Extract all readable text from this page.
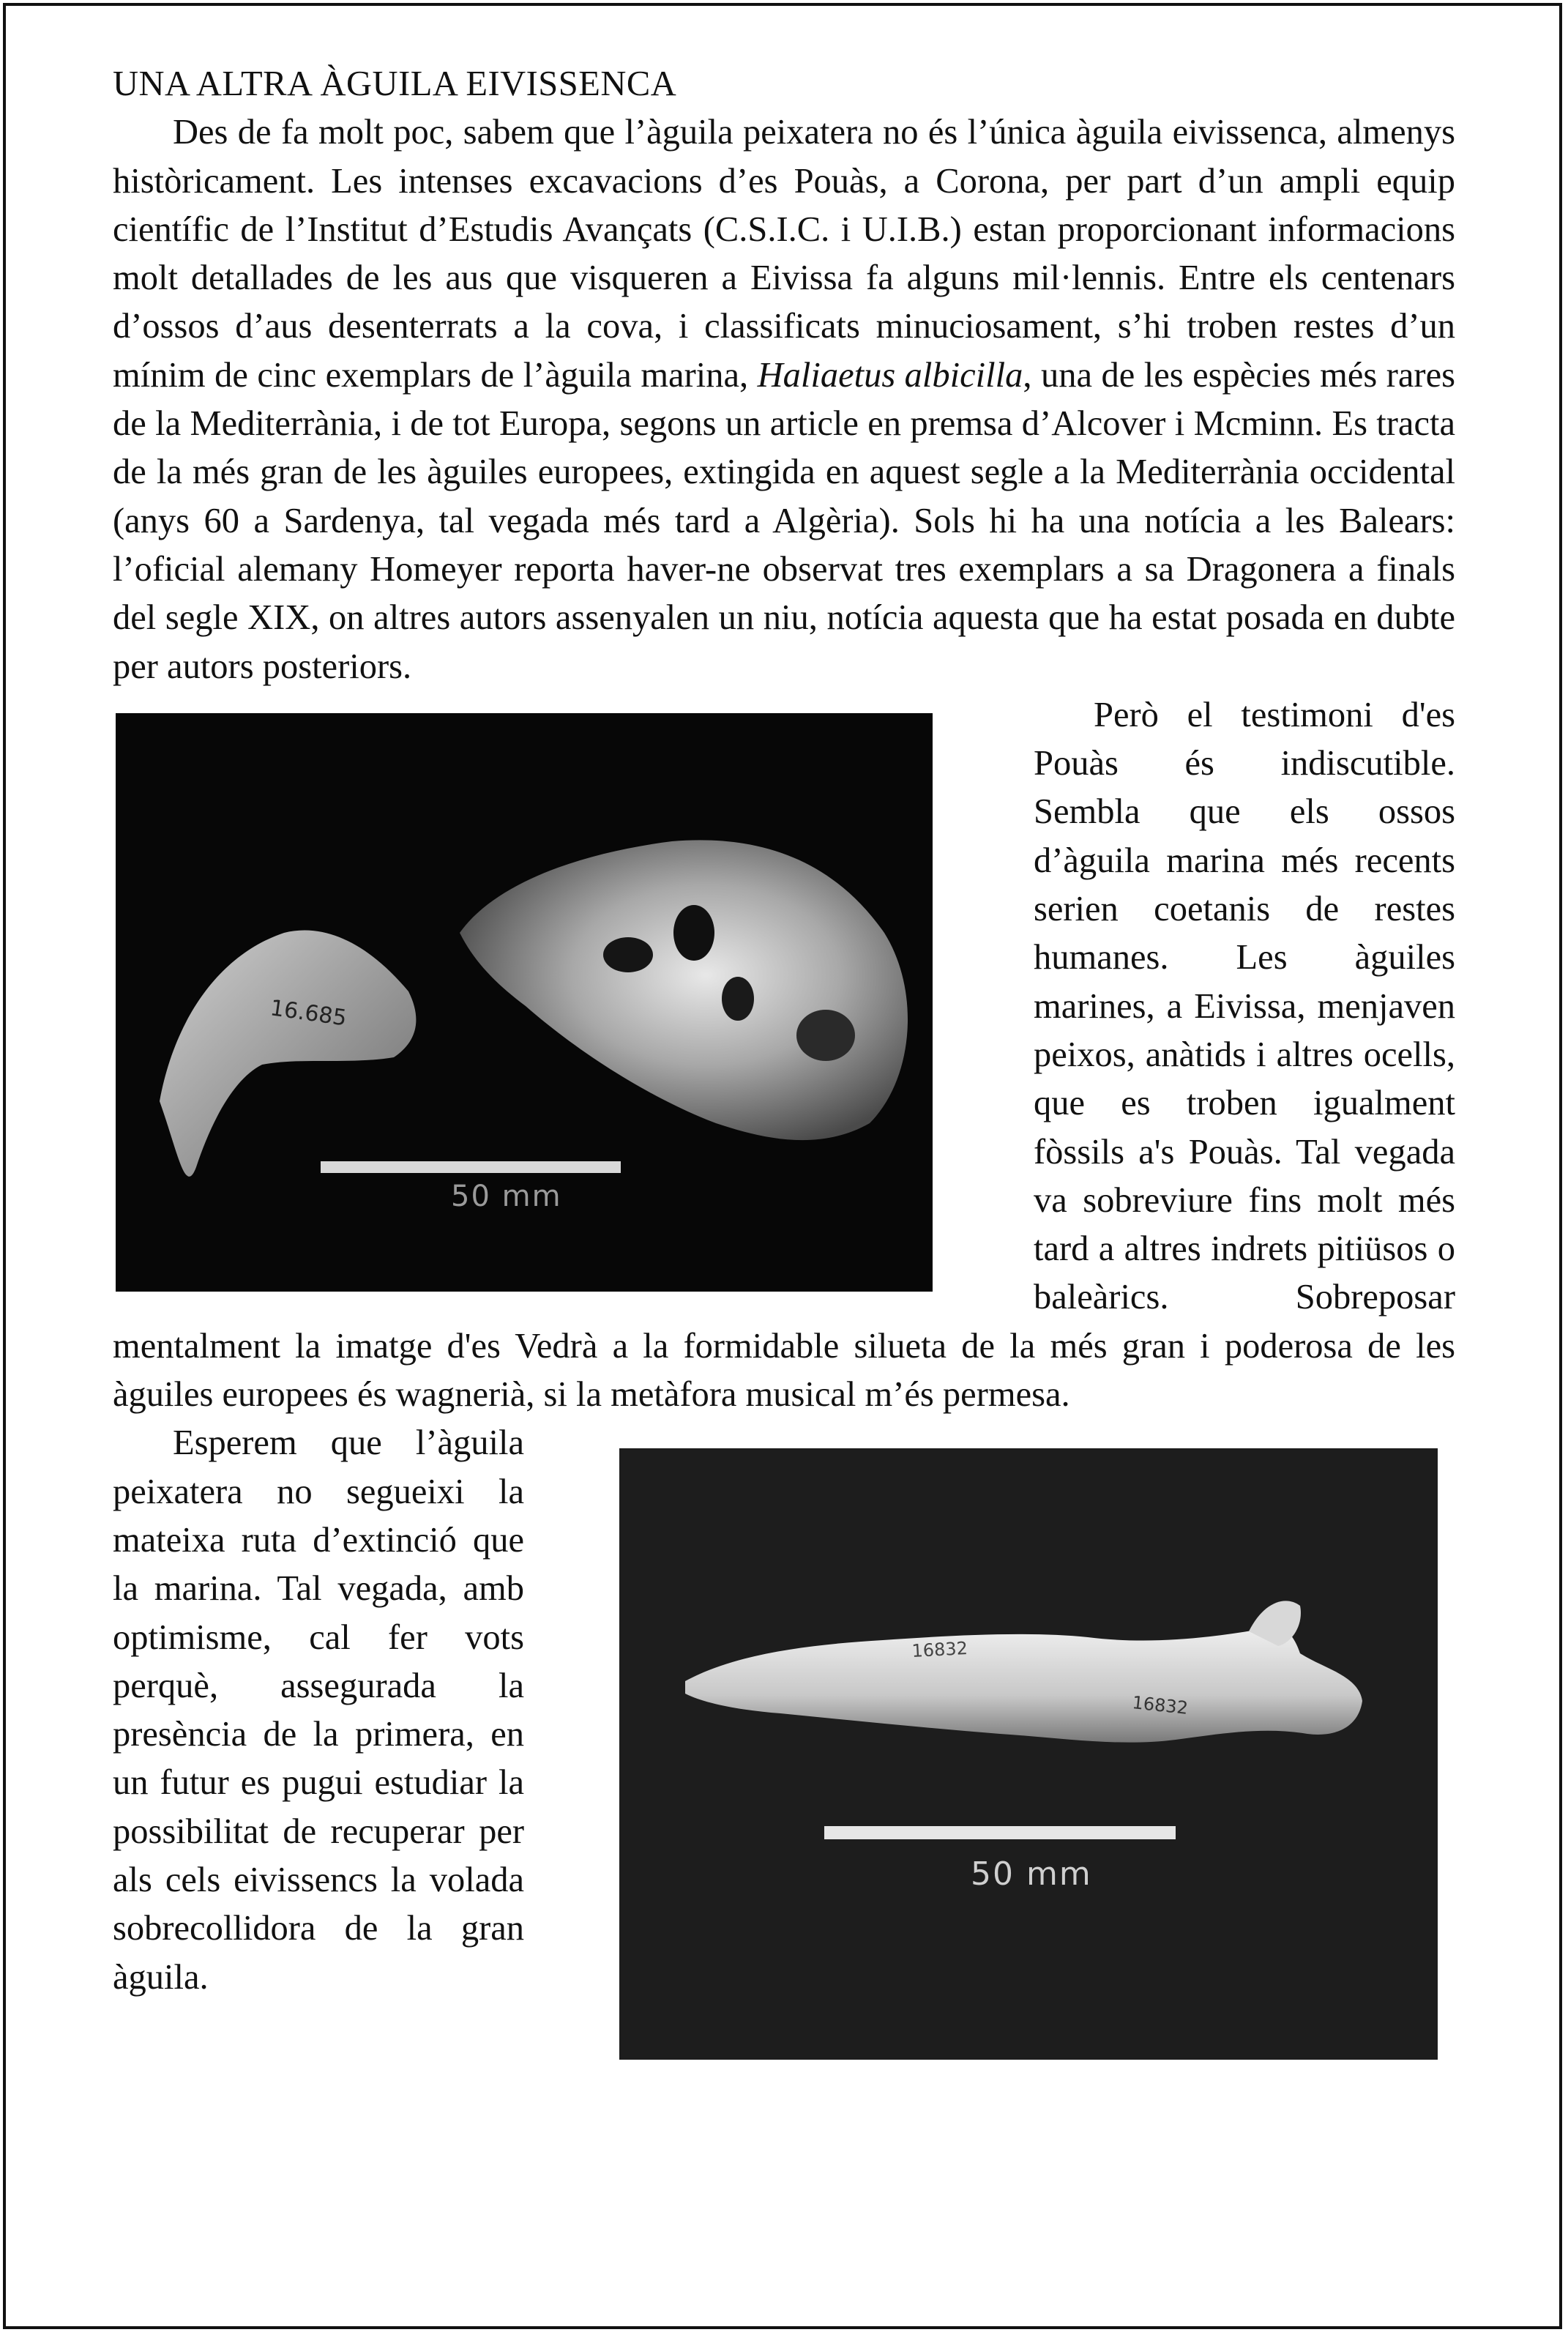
UNA ALTRA ÀGUILA EIVISSENCA

Des de fa molt poc, sabem que l’àguila peixatera no és l’única àguila eivissenca, almenys històricament. Les intenses excavacions d’es Pouàs, a Corona, per part d’un ampli equip científic de l’Institut d’Estudis Avançats (C.S.I.C. i U.I.B.) estan proporcionant informacions molt detallades de les aus que visqueren a Eivissa fa alguns mil·lennis. Entre els centenars d’ossos d’aus desenterrats a la cova, i classificats minuciosament, s’hi troben restes d’un mínim de cinc exemplars de l’àguila marina, Haliaetus albicilla, una de les espècies més rares de la Mediterrània, i de tot Europa, segons un article en premsa d’Alcover i Mcminn. Es tracta de la més gran de les àguiles europees, extingida en aquest segle a la Mediterrània occidental (anys 60 a Sardenya, tal vegada més tard a Algèria). Sols hi ha una notícia a les Balears: l’oficial alemany Homeyer reporta haver-ne observat tres exemplars a sa Dragonera a finals del segle XIX, on altres autors assenyalen un niu, notícia aquesta que ha estat posada en dubte per autors posteriors.

16.685
50 mm

Però el testimoni d'es Pouàs és indiscutible. Sembla que els ossos d’àguila marina més recents serien coetanis de restes humanes. Les àguiles marines, a Eivissa, menjaven peixos, anàtids i altres ocells, que es troben igualment fòssils a's Pouàs. Tal vegada va sobreviure fins molt més tard a altres indrets pitiüsos o baleàrics. Sobreposar mentalment la imatge d'es Vedrà a la formidable silueta de la més gran i poderosa de les àguiles europees és wagnerià, si la metàfora musical m’és permesa.

16832
16832
50 mm

Esperem que l’àguila peixatera no segueixi la mateixa ruta d’extinció que la marina. Tal vegada, amb optimisme, cal fer vots perquè, assegurada la presència de la primera, en un futur es pugui estudiar la possibilitat de recuperar per als cels eivissencs la volada sobrecollidora de la gran àguila.
